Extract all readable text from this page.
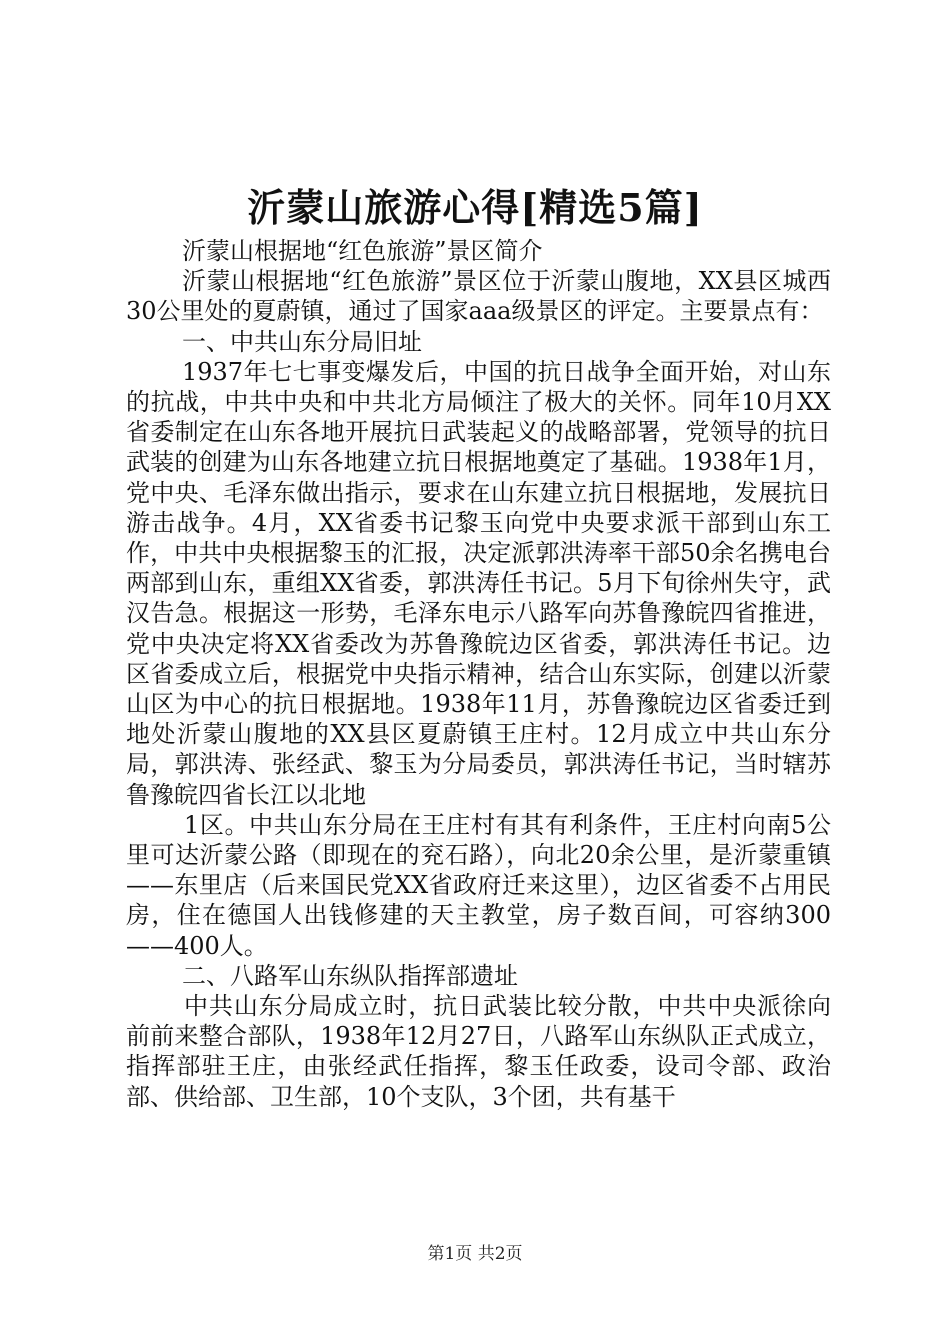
沂蒙山旅游心得[精选5篇]

沂蒙山根据地“红色旅游”景区简介

沂蒙山根据地“红色旅游”景区位于沂蒙山腹地，XX县区城西30公里处的夏蔚镇，通过了国家aaa级景区的评定。主要景点有：

一、中共山东分局旧址

1937年七七事变爆发后，中国的抗日战争全面开始，对山东的抗战，中共中央和中共北方局倾注了极大的关怀。同年10月XX省委制定在山东各地开展抗日武装起义的战略部署，党领导的抗日武装的创建为山东各地建立抗日根据地奠定了基础。1938年1月，党中央、毛泽东做出指示，要求在山东建立抗日根据地，发展抗日游击战争。4月，XX省委书记黎玉向党中央要求派干部到山东工作，中共中央根据黎玉的汇报，决定派郭洪涛率干部50余名携电台两部到山东，重组XX省委，郭洪涛任书记。5月下旬徐州失守，武汉告急。根据这一形势，毛泽东电示八路军向苏鲁豫皖四省推进，党中央决定将XX省委改为苏鲁豫皖边区省委，郭洪涛任书记。边区省委成立后，根据党中央指示精神，结合山东实际，创建以沂蒙山区为中心的抗日根据地。1938年11月，苏鲁豫皖边区省委迁到地处沂蒙山腹地的XX县区夏蔚镇王庄村。12月成立中共山东分局，郭洪涛、张经武、黎玉为分局委员，郭洪涛任书记，当时辖苏鲁豫皖四省长江以北地

1区。中共山东分局在王庄村有其有利条件，王庄村向南5公里可达沂蒙公路（即现在的兖石路），向北20余公里，是沂蒙重镇——东里店（后来国民党XX省政府迁来这里），边区省委不占用民房，住在德国人出钱修建的天主教堂，房子数百间，可容纳300——400人。

二、八路军山东纵队指挥部遗址

中共山东分局成立时，抗日武装比较分散，中共中央派徐向前前来整合部队，1938年12月27日，八路军山东纵队正式成立，指挥部驻王庄，由张经武任指挥，黎玉任政委，设司令部、政治部、供给部、卫生部，10个支队，3个团，共有基干

第1页 共2页
